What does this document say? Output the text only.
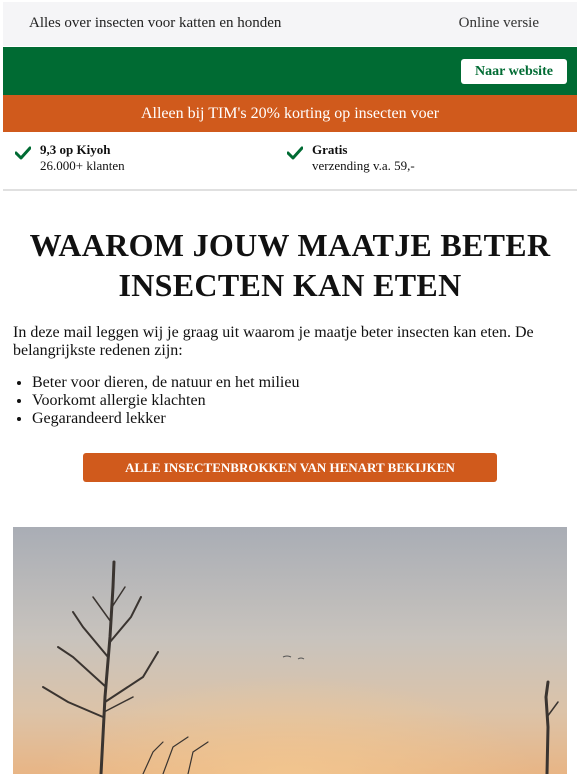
Alles over insecten voor katten en honden	Online versie
Naar website
Alleen bij TIM's 20% korting op insecten voer
9,3 op Kiyoh
26.000+ klanten
Gratis
verzending v.a. 59,-
WAAROM JOUW MAATJE BETER
INSECTEN KAN ETEN

In deze mail leggen wij je graag uit waarom je maatje beter insecten kan eten. De belangrijkste redenen zijn:

• Beter voor dieren, de natuur en het milieu
• Voorkomt allergie klachten
• Gegarandeerd lekker
ALLE INSECTENBROKKEN VAN HENART BEKIJKEN
